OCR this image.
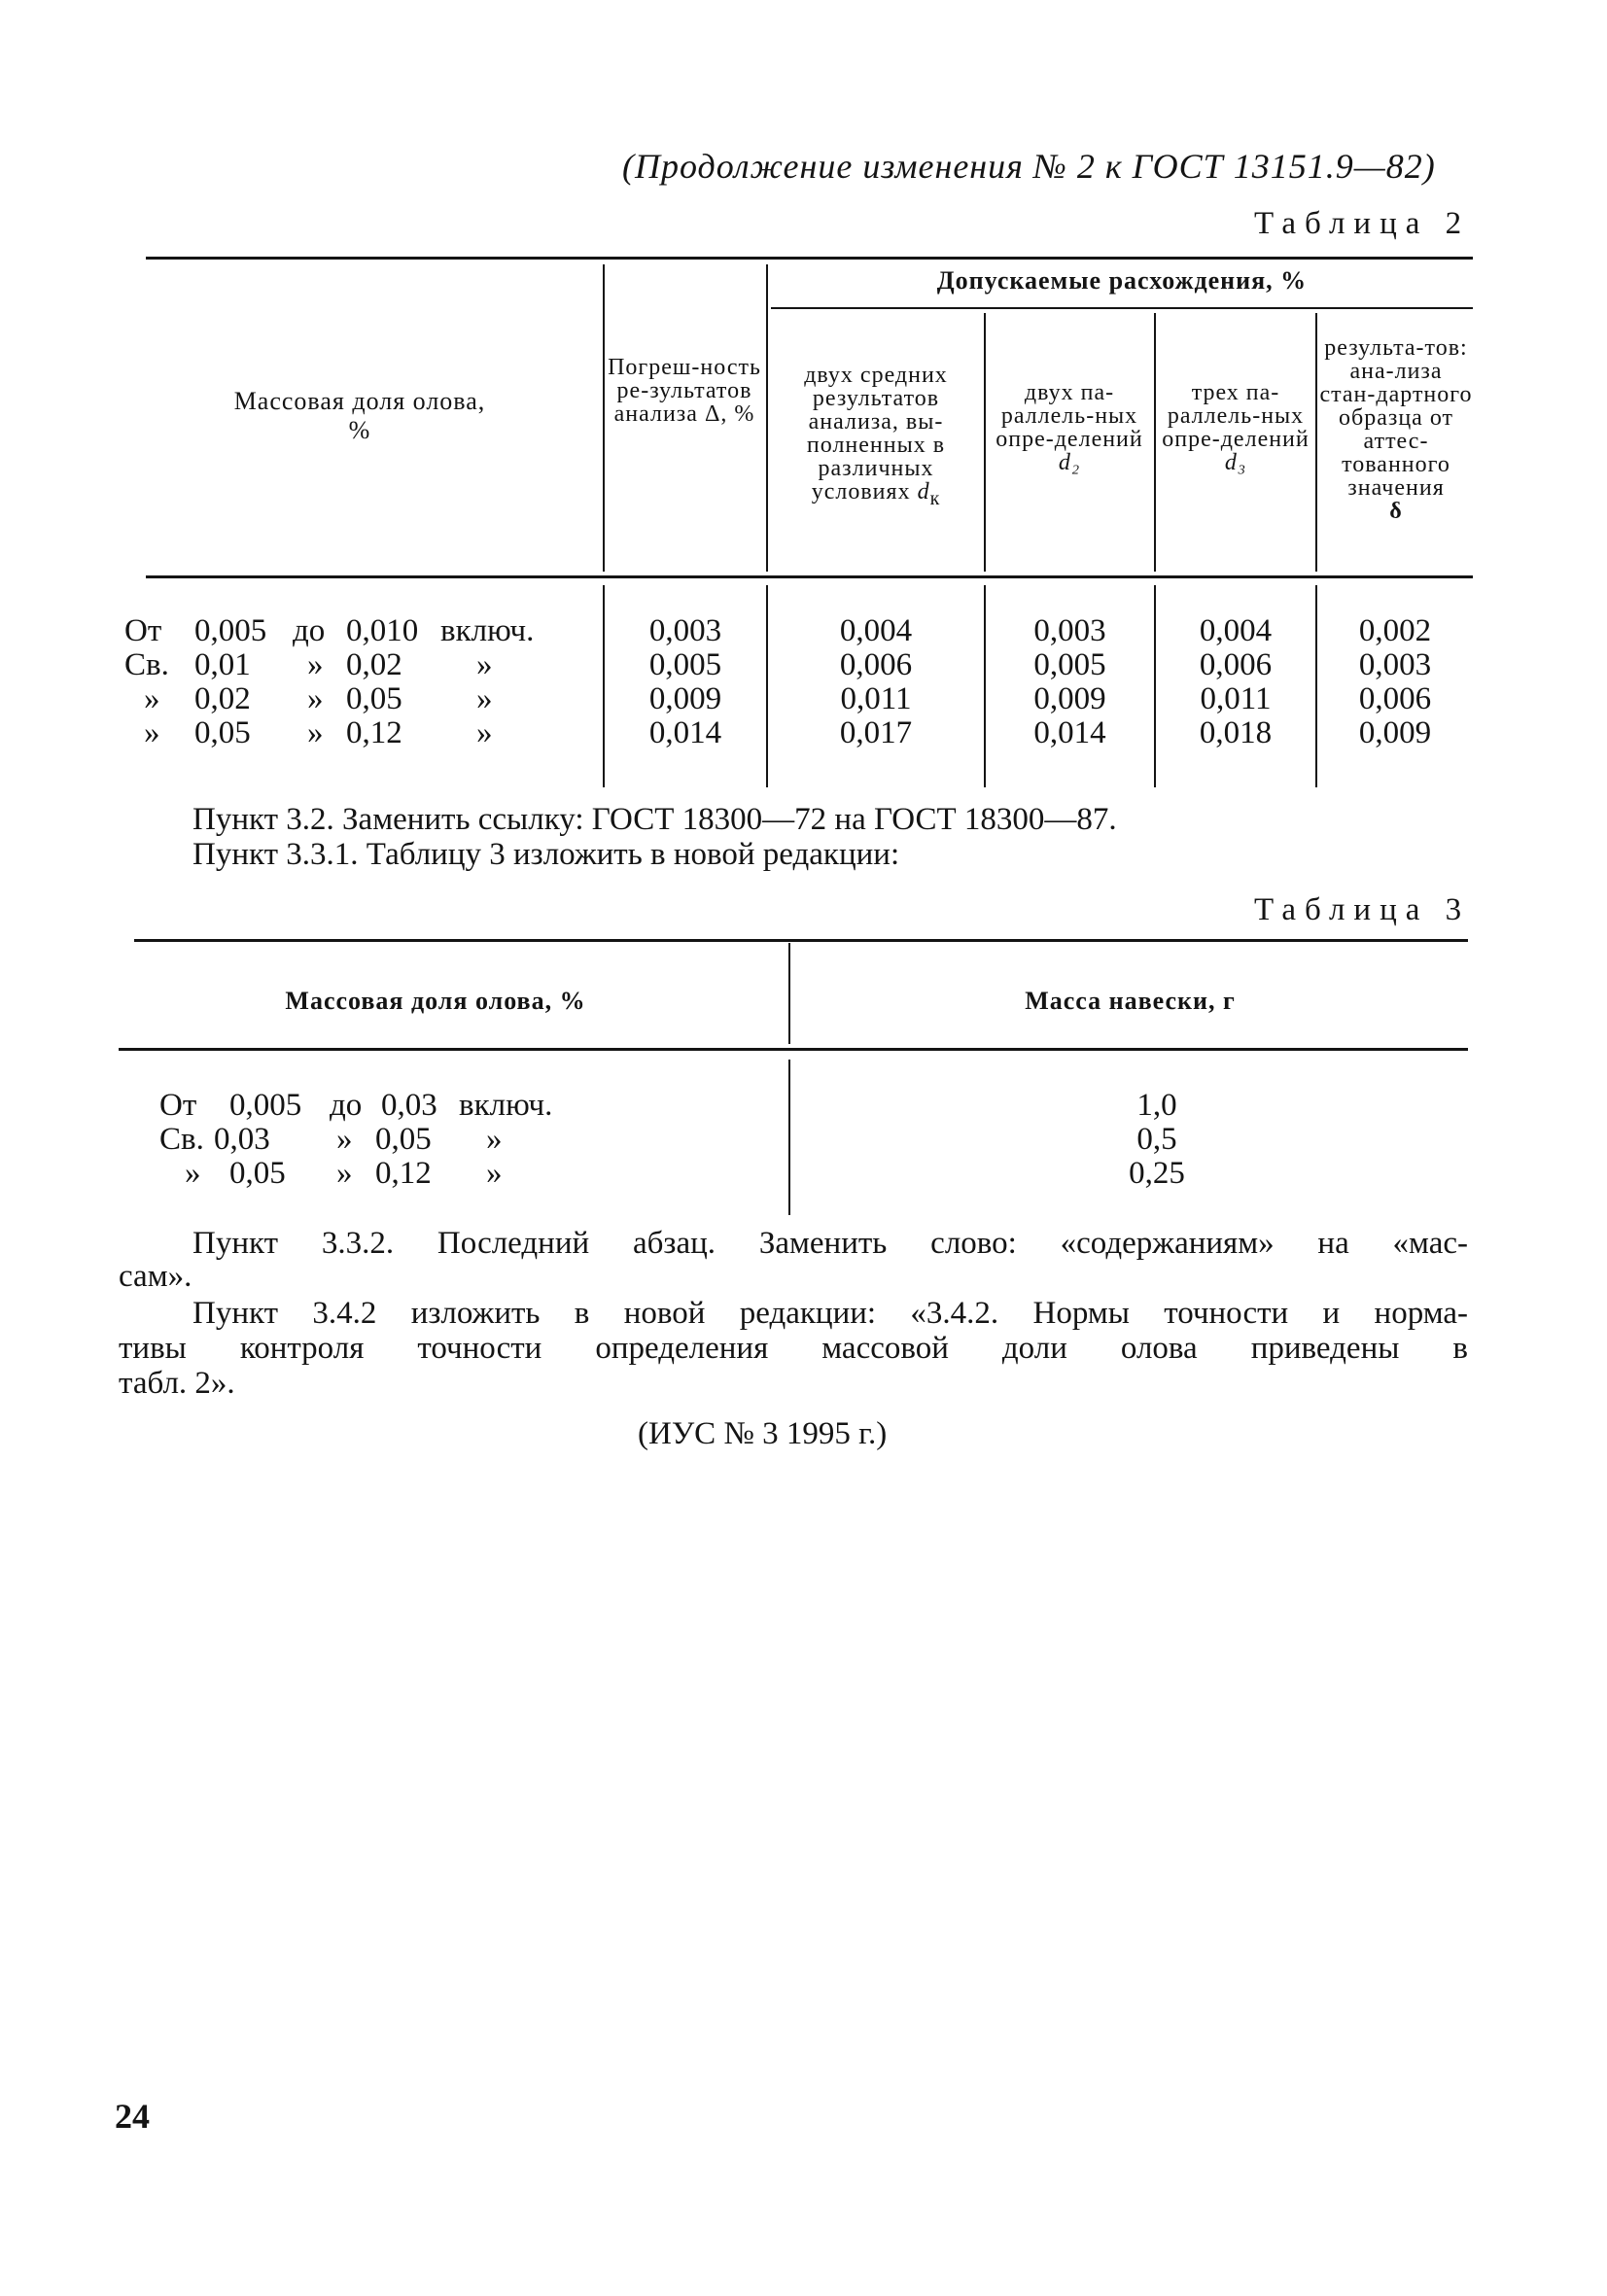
(Продолжение изменения № 2 к ГОСТ 13151.9—82)
Таблица 2
Массовая доля олова, %
Погреш-ность ре-зультатов анализа Δ, %
Допускаемые расхождения, %
двух средних результатов анализа, вы-полненных в различных условиях $d_к$
двух па-раллель-ных опре-делений
d₂
трех па-раллель-ных опре-делений
d₃
результа-тов: ана-лиза стан-дартного образца от аттес-тованного значения
δ
От 0,005 до 0,010 включ.
Св. 0,01 » 0,02 »
» 0,02 » 0,05 »
» 0,05 » 0,12 »
0,003
0,005
0,009
0,014
0,004
0,006
0,011
0,017
0,003
0,005
0,009
0,014
0,004
0,006
0,011
0,018
0,002
0,003
0,006
0,009
Пункт 3.2. Заменить ссылку: ГОСТ 18300—72 на ГОСТ 18300—87.
Пункт 3.3.1. Таблицу 3 изложить в новой редакции:
Таблица 3
Массовая доля олова, %	Масса навески, г
От 0,005 до 0,03 включ.
Св. 0,03 » 0,05 »
» 0,05 » 0,12 »
1,0
0,5
0,25
Пункт 3.3.2. Последний абзац. Заменить слово: «содержаниям» на «мас-
сам».
Пункт 3.4.2 изложить в новой редакции: «3.4.2. Нормы точности и норма-
тивы контроля точности определения массовой доли олова приведены в
табл. 2».
(ИУС № 3 1995 г.)
24
